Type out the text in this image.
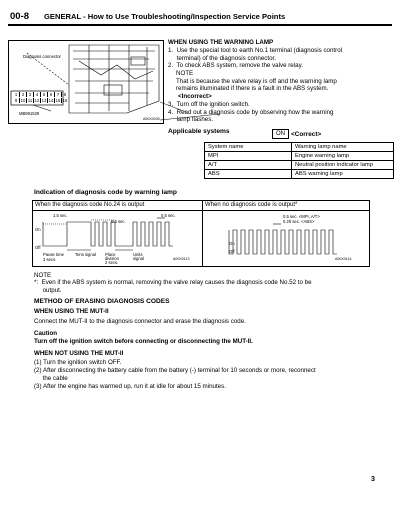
00-8 GENERAL - How to Use Troubleshooting/Inspection Service Points
Diagnosis connector
1	2	3	4	5	6	7	8
9 10 11 12 13 14 15 16
MB991529
A00X0030
WHEN USING THE WARNING LAMP
1.  Use the special tool to earth No.1 terminal (diagnosis control
terminal) of the diagnosis connector.
2.  To check ABS system, remove the valve relay.
NOTE
That is because the valve relay is off and the warning lamp
remains illuminated if there is a fault in the ABS system.
<Incorrect>
3.  Turn off the ignition switch.
4.  Read out a diagnosis code by observing how the warning
lamp flashes.
Applicable systems	ON <Correct>
System name	Warning lamp name
MPI	Engine warning lamp
A/T	Neutral position indicator lamp
ABS	ABS warning lamp
Indication of diagnosis code by warning lamp
When the diagnosis code No.24 is output
1.5 sec.
0.5 sec.
0.5 sec.
On
Off
Pause time
3 secs.
Tens signal Place
division
2 secs.
Units
signal	A00X0113
When no diagnosis code is output*
0.5 sec. <MPI, A/T>
0.25 sec. <ABS>
On
Off
A00X0114
NOTE
*:  Even if the ABS system is normal, removing the valve relay causes the diagnosis code No.52 to be
output.
METHOD OF ERASING DIAGNOSIS CODES
WHEN USING THE MUT-II
Connect the MUT-II to the diagnosis connector and erase the diagnosis code.
Caution
Turn off the ignition switch before connecting or disconnecting the MUT-II.
WHEN NOT USING THE MUT-II
(1) Turn the ignition switch OFF.
(2) After disconnecting the battery cable from the battery (-) terminal for 10 seconds or more, reconnect
the cable
(3) After the engine has warmed up, run it at idle for about 15 minutes.
3
